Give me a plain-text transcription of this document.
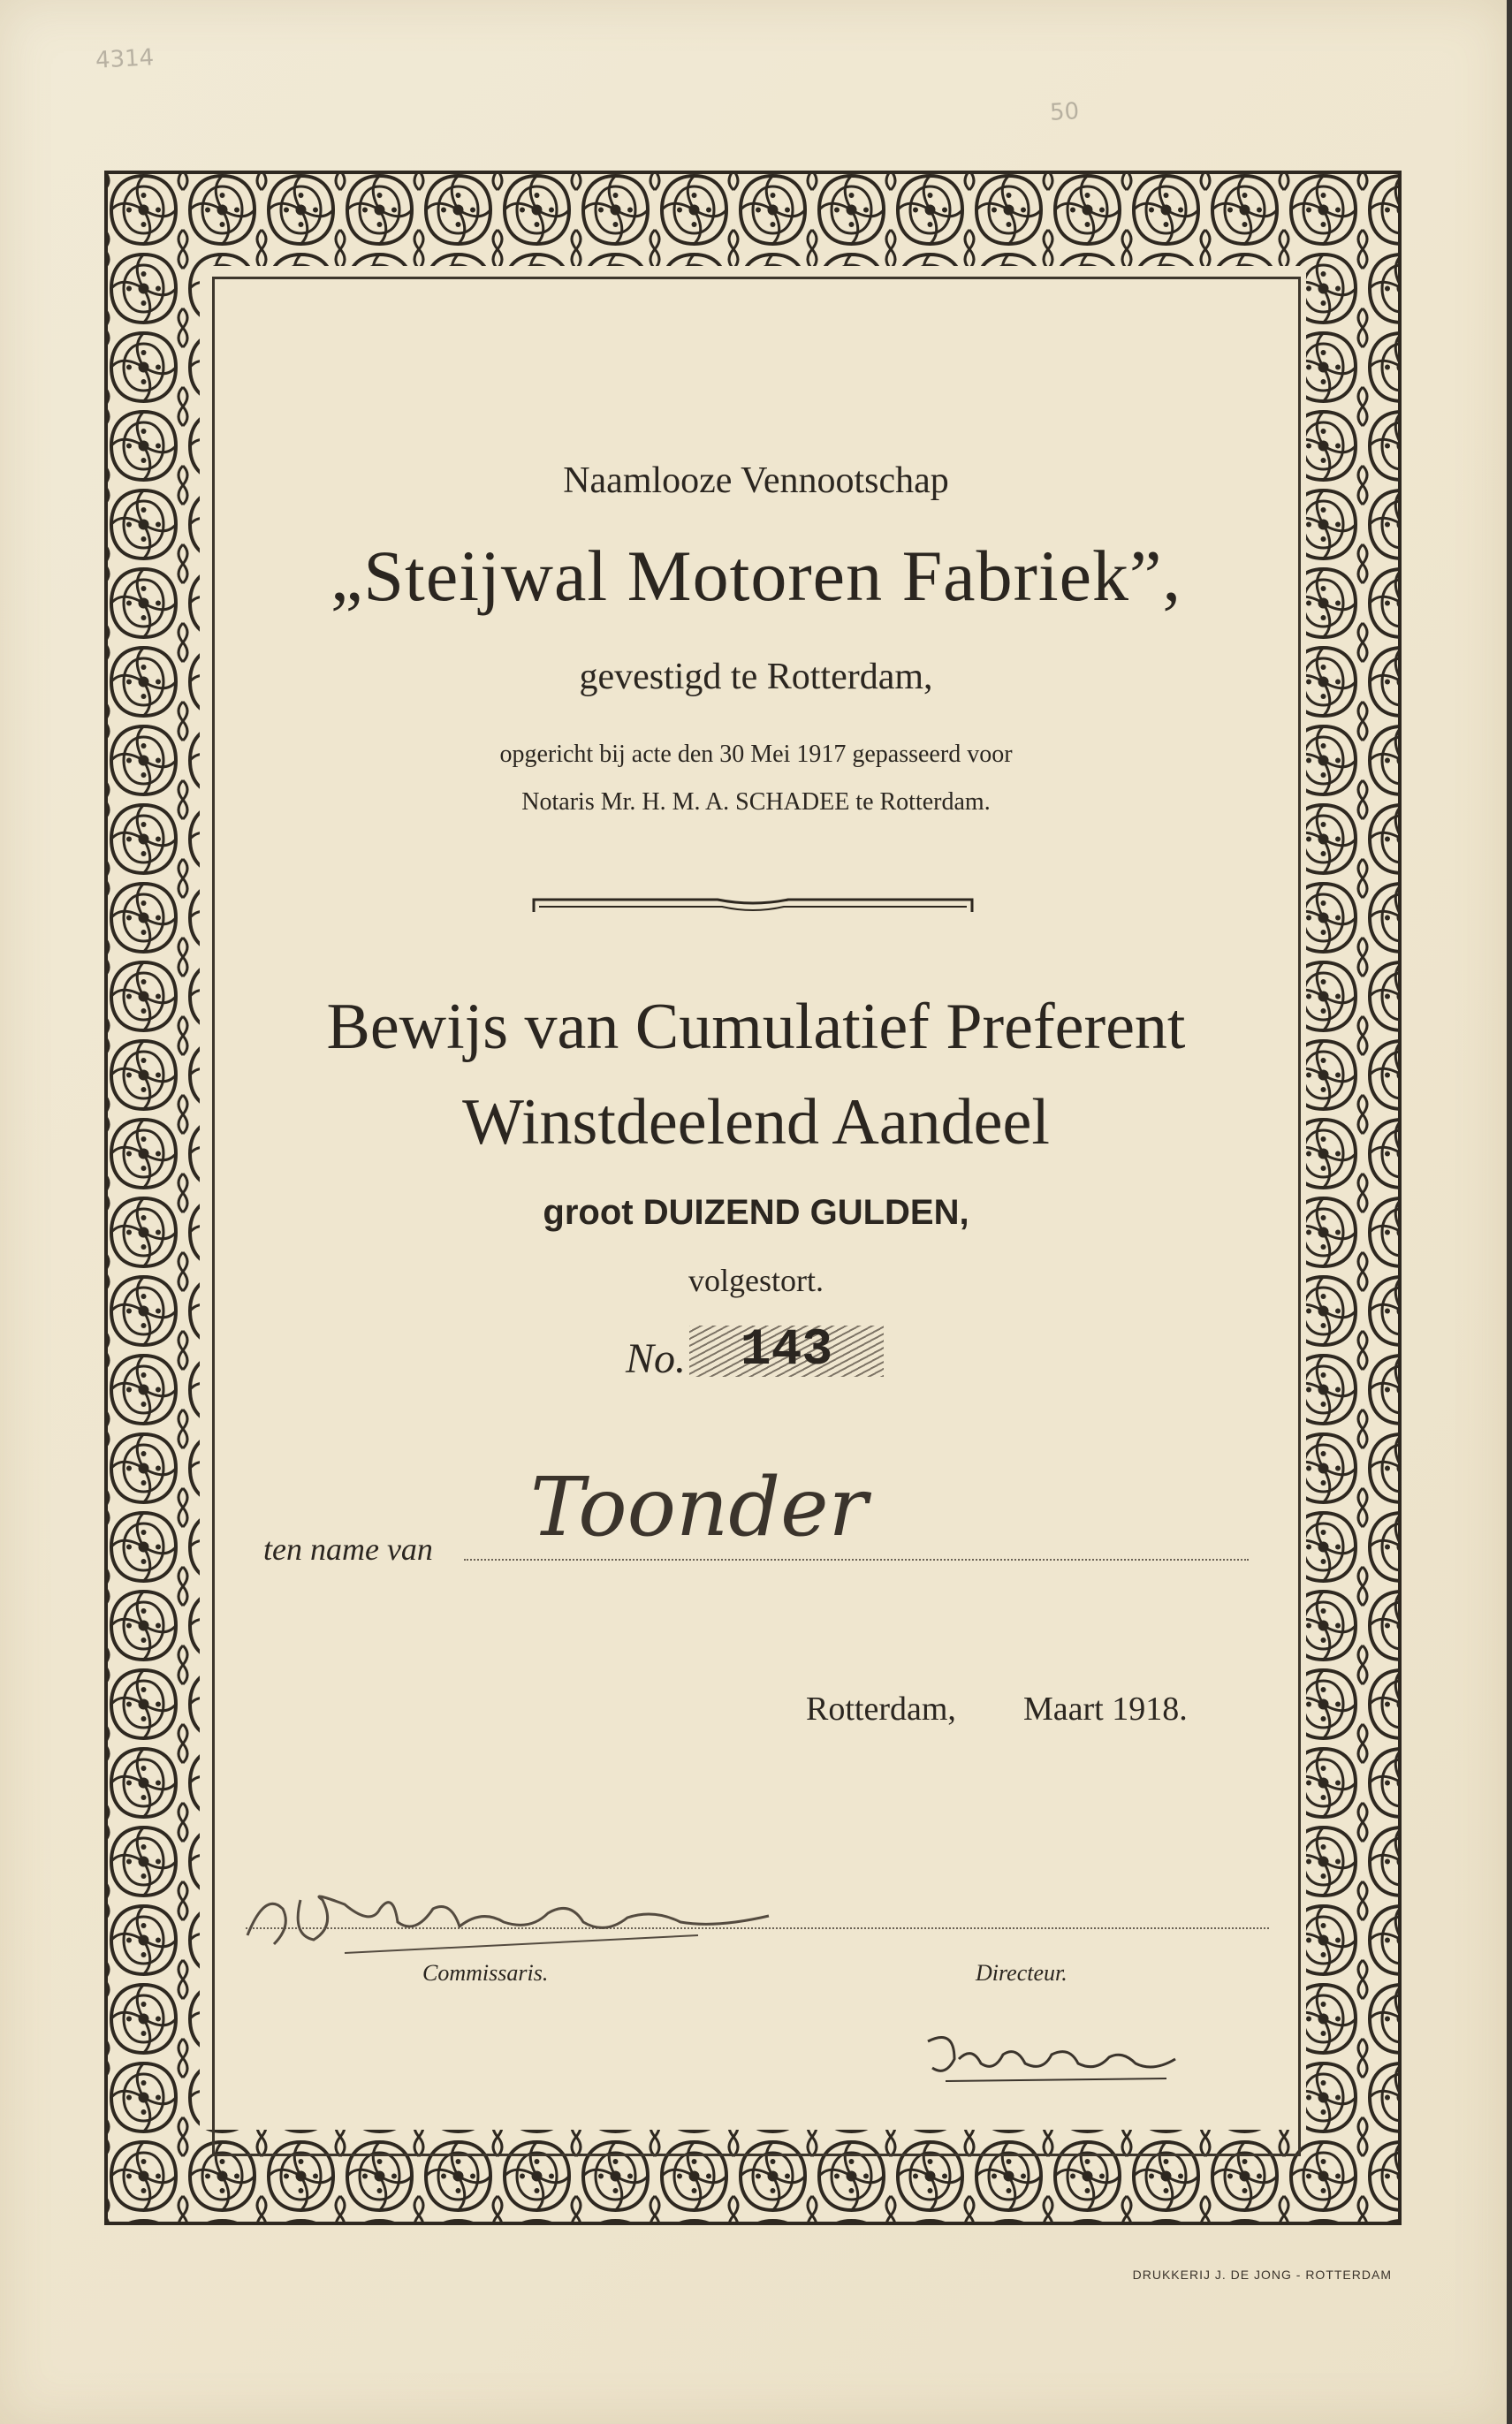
4314
50
Naamlooze Vennootschap
„Steijwal Motoren Fabriek”,
gevestigd te Rotterdam,
opgericht bij acte den 30 Mei 1917 gepasseerd voor
Notaris Mr. H. M. A. SCHADEE te Rotterdam.
Bewijs van Cumulatief Preferent
Winstdeelend Aandeel
groot DUIZEND GULDEN,
volgestort.
No.	143
ten name van Toonder
Rotterdam, Maart 1918.
Commissaris.	Directeur.
DRUKKERIJ J. DE JONG - ROTTERDAM
